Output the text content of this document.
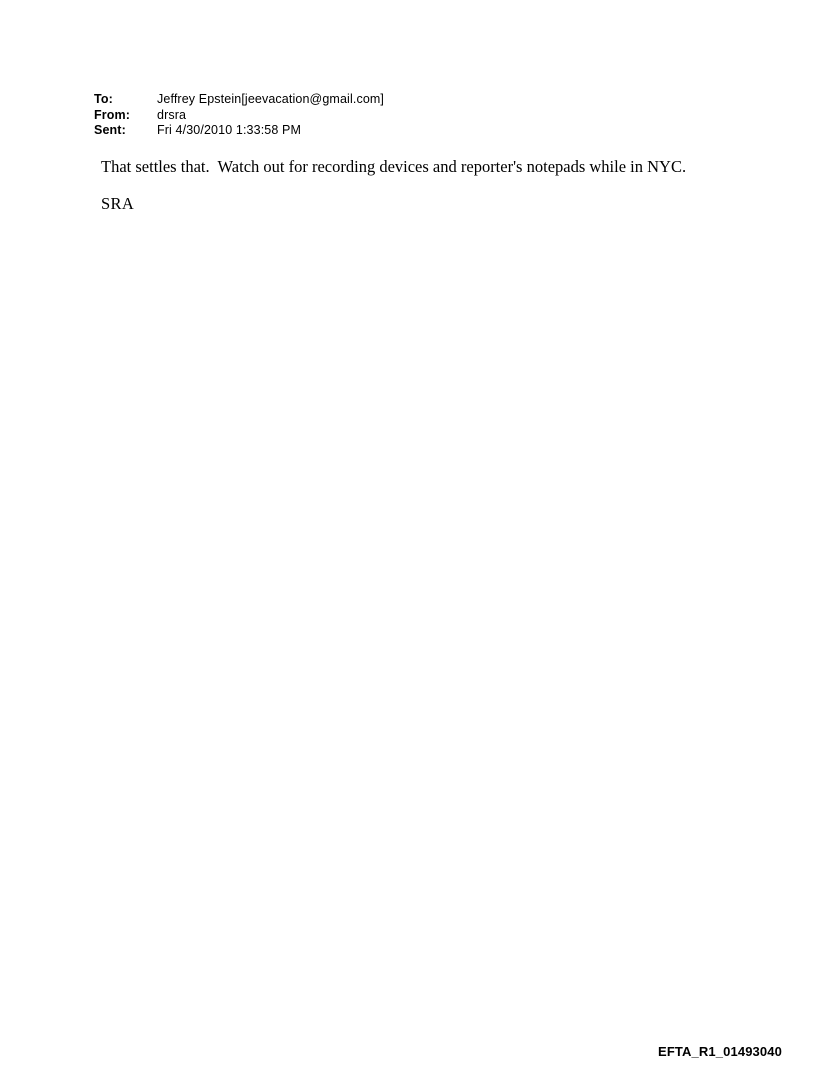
To:	Jeffrey Epstein[jeevacation@gmail.com]
From:	drsra
Sent:	Fri 4/30/2010 1:33:58 PM

That settles that.  Watch out for recording devices and reporter's notepads while in NYC.

SRA

EFTA_R1_01493040
